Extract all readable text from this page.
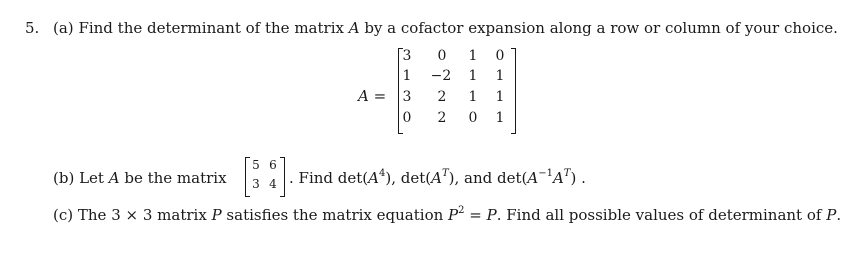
5. (a) Find the determinant of the matrix A by a cofactor expansion along a row or column of your choice.
A =
3	0	1	0
1	−2	1	1
3	2	1	1
0	2	0	1
(b) Let A be the matrix
5 6
3 4 . Find $\det(A^4)$, $\det(A^T)$, and $\det(A^{-1}A^T)$ .
(c) The 3 × 3 matrix P satisfies the matrix equation $P^2 = P$. Find all possible values of determinant of P.
